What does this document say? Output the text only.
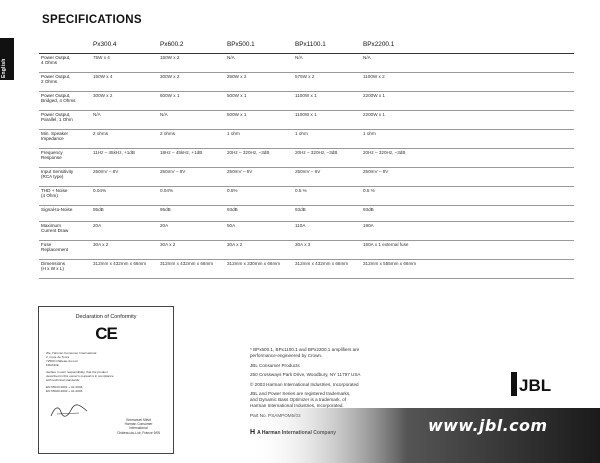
English
SPECIFICATIONS
	Px300.4	Px600.2	BPx500.1	BPx1100.1	BPx2200.1
Power Output,
4 Ohms	75W x 4	150W x 2	N/A	N/A	N/A
Power Output,
2 Ohms	150W x 4	300W x 2	250W x 2	575W x 2	1100W x 2
Power Output,
Bridged, 4 Ohms	300W x 2	600W x 1	500W x 1	1100W x 1	2200W x 1
Power Output,
Parallel, 1 Ohm	N/A	N/A	500W x 1	1100W x 1	2200W x 1
Min. Speaker
Impedance	2 ohms	2 ohms	1 ohm	1 ohm	1 ohm
Frequency
Response	11Hz – 45kHz, +1dB	18Hz – 45kHz, +1dB	20Hz – 320Hz, –3dB	20Hz – 320Hz, –3dB	20Hz – 320Hz, –3dB
Input Sensitivity
(RCA type)	250mV – 8V	250mV – 8V	250mV – 6V	250mV – 6V	250mV – 8V
THD + Noise
(4 Ohm)	0.04%	0.04%	0.5%	0.5 %	0.5 %
Signal-to-Noise	95dB	95dB	93dB	93dB	93dB
Maximum
Current Draw	20A	20A	50A	110A	190A
Fuse
Replacement	30A x 2	30A x 2	30A x 2	30A x 3	150A x 1 external fuse
Dimensions
(H x W x L)	312mm x 432mm x 66mm	312mm x 432mm x 66mm	312mm x 330mm x 66mm	312mm x 432mm x 66mm	312mm x 555mm x 66mm
Declaration of Conformity
CE
We, Harman Consumer International
2, route de Tours
72500 Château-du-Loir
FRANCE
declare in own responsibility, that the product
described in this owner's manual is in compliance
with technical standards:
EN 55013:2001 + A1:2003
EN 55020:2002 + A1:2003
Emmanuel Mifsit
Harman Consumer
International
Château-du-Loir, France 9/05

* BPx500.1, BPx1100.1 and BPx2200.1 amplifiers are
performance-engineered by Crown.

JBL Consumer Products

250 Crossways Park Drive, Woodbury, NY 11797 USA

© 2003 Harman International Industries, Incorporated

JBL and Power Series are registered trademarks,
and Dynamic Bass Optimizer is a trademark, of
Harman International Industries, Incorporated.

JBL
www.jbl.com
